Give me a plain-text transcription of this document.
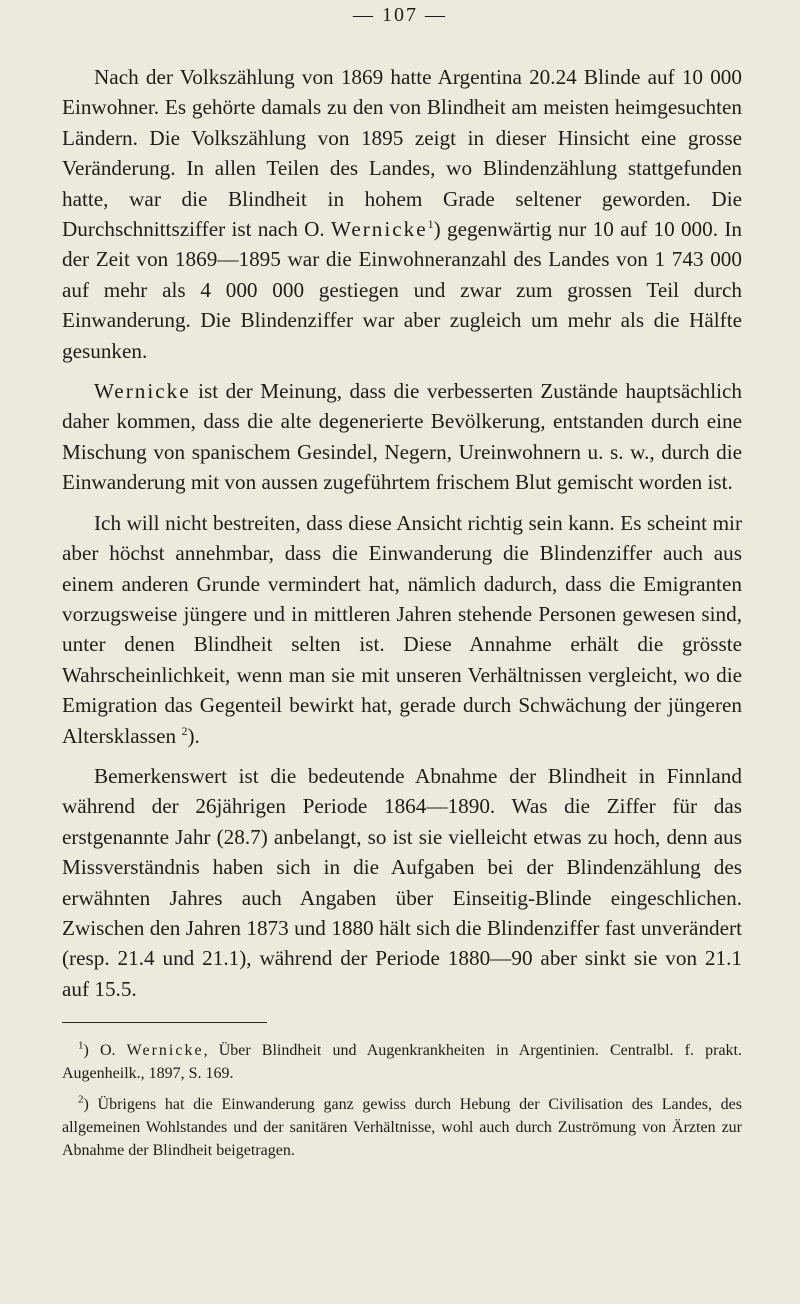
— 107 —

Nach der Volkszählung von 1869 hatte Argentina 20.24 Blinde auf 10 000 Einwohner. Es gehörte damals zu den von Blindheit am meisten heimgesuchten Ländern. Die Volkszählung von 1895 zeigt in dieser Hinsicht eine grosse Veränderung. In allen Teilen des Landes, wo Blindenzählung stattgefunden hatte, war die Blindheit in hohem Grade seltener geworden. Die Durchschnittsziffer ist nach O. Wernicke$^1$) gegenwärtig nur 10 auf 10 000. In der Zeit von 1869—1895 war die Einwohneranzahl des Landes von 1 743 000 auf mehr als 4 000 000 gestiegen und zwar zum grossen Teil durch Einwanderung. Die Blindenziffer war aber zugleich um mehr als die Hälfte gesunken.

Wernicke ist der Meinung, dass die verbesserten Zustände hauptsächlich daher kommen, dass die alte degenerierte Bevölkerung, entstanden durch eine Mischung von spanischem Gesindel, Negern, Ureinwohnern u. s. w., durch die Einwanderung mit von aussen zugeführtem frischem Blut gemischt worden ist.

Ich will nicht bestreiten, dass diese Ansicht richtig sein kann. Es scheint mir aber höchst annehmbar, dass die Einwanderung die Blindenziffer auch aus einem anderen Grunde vermindert hat, nämlich dadurch, dass die Emigranten vorzugsweise jüngere und in mittleren Jahren stehende Personen gewesen sind, unter denen Blindheit selten ist. Diese Annahme erhält die grösste Wahrscheinlichkeit, wenn man sie mit unseren Verhältnissen vergleicht, wo die Emigration das Gegenteil bewirkt hat, gerade durch Schwächung der jüngeren Altersklassen $^2$).

Bemerkenswert ist die bedeutende Abnahme der Blindheit in Finnland während der 26jährigen Periode 1864—1890. Was die Ziffer für das erstgenannte Jahr (28.7) anbelangt, so ist sie vielleicht etwas zu hoch, denn aus Missverständnis haben sich in die Aufgaben bei der Blindenzählung des erwähnten Jahres auch Angaben über Einseitig-Blinde eingeschlichen. Zwischen den Jahren 1873 und 1880 hält sich die Blindenziffer fast unverändert (resp. 21.4 und 21.1), während der Periode 1880—90 aber sinkt sie von 21.1 auf 15.5.

$^1$) O. Wernicke, Über Blindheit und Augenkrankheiten in Argentinien. Centralbl. f. prakt. Augenheilk., 1897, S. 169.

$^2$) Übrigens hat die Einwanderung ganz gewiss durch Hebung der Civilisation des Landes, des allgemeinen Wohlstandes und der sanitären Verhältnisse, wohl auch durch Zuströmung von Ärzten zur Abnahme der Blindheit beigetragen.
